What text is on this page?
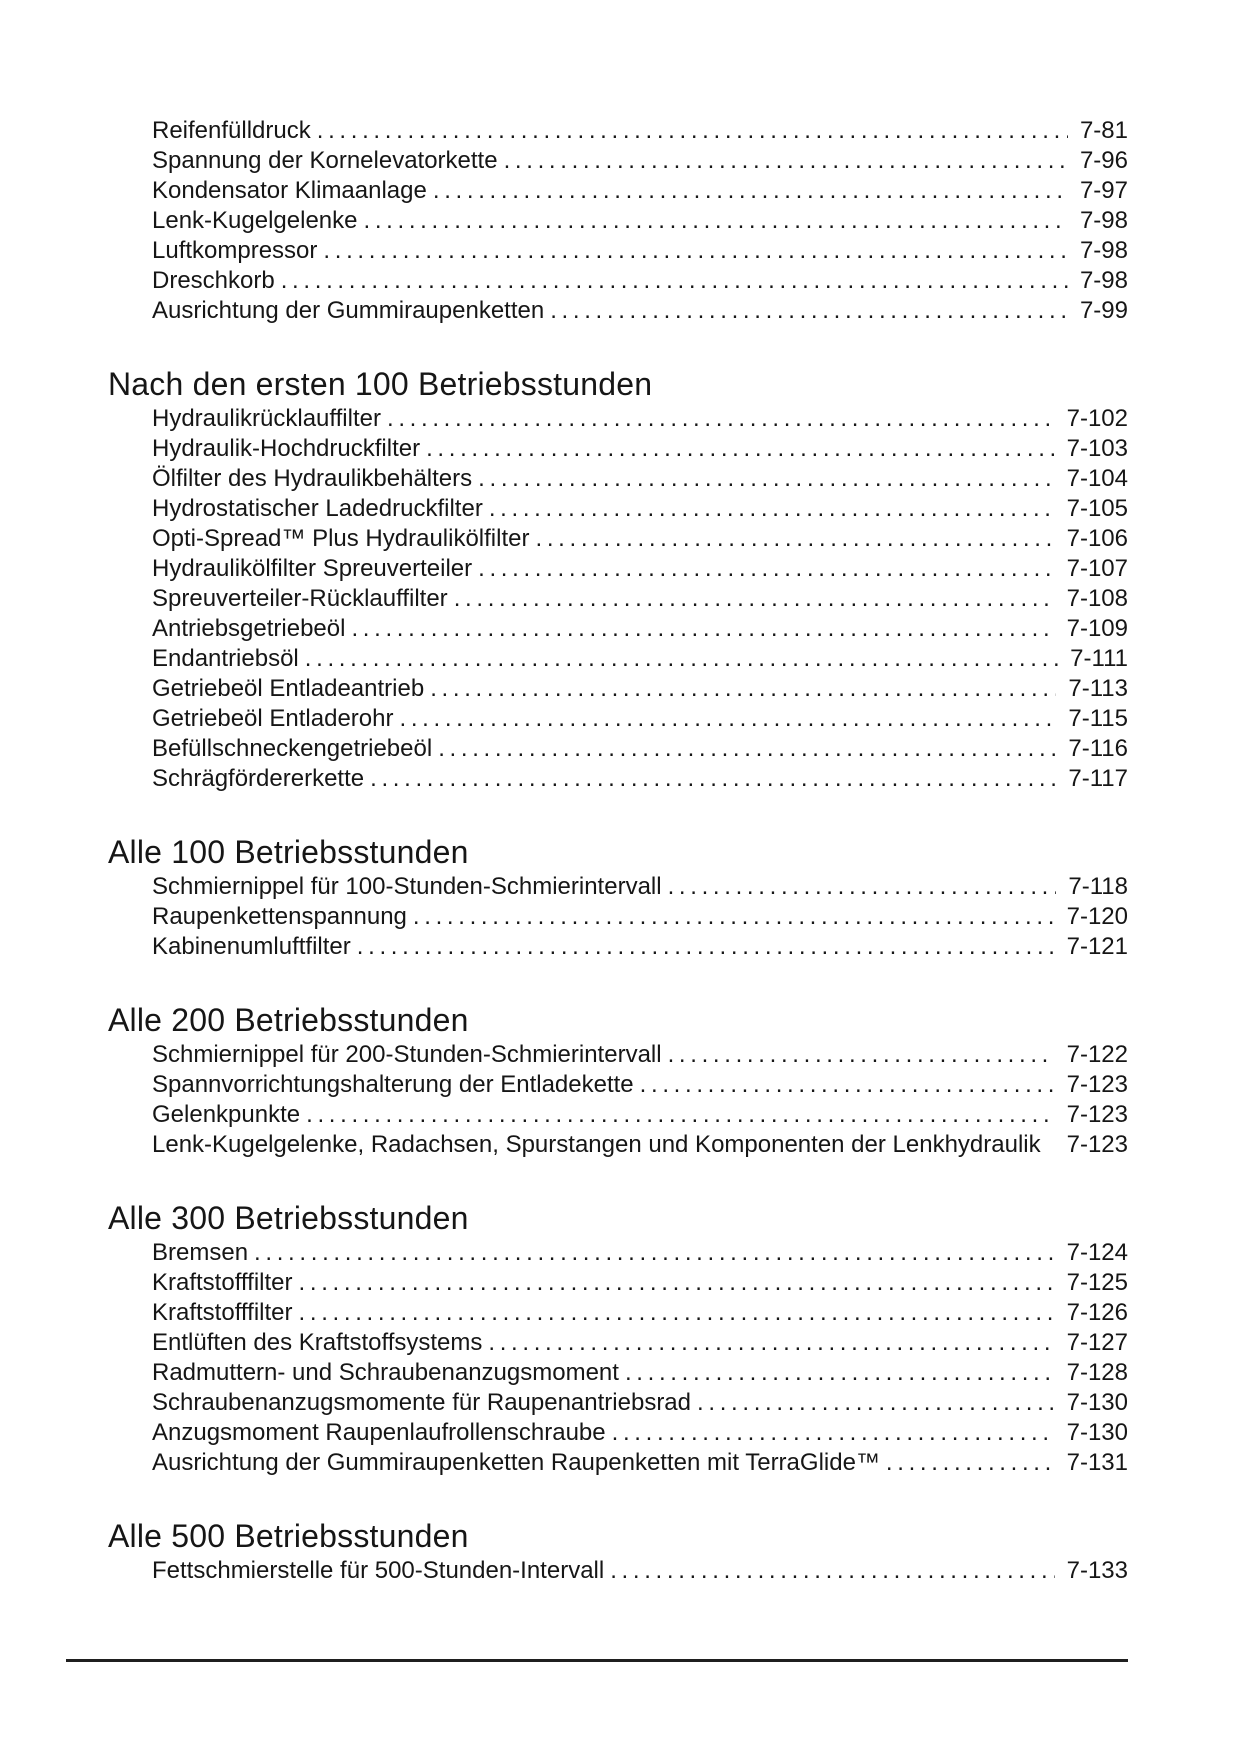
Reifenfülldruck . . .	7-81
Spannung der Kornelevatorkette . . .	7-96
Kondensator Klimaanlage . . .	7-97
Lenk-Kugelgelenke . . .	7-98
Luftkompressor . . .	7-98
Dreschkorb . . .	7-98
Ausrichtung der Gummiraupenketten . . .	7-99
Nach den ersten 100 Betriebsstunden
Hydraulikrücklauffilter . . .	7-102
Hydraulik-Hochdruckfilter . . .	7-103
Ölfilter des Hydraulikbehälters . . .	7-104
Hydrostatischer Ladedruckfilter . . .	7-105
Opti-Spread™ Plus Hydraulikölfilter . . .	7-106
Hydraulikölfilter Spreuverteiler . . .	7-107
Spreuverteiler-Rücklauffilter . . .	7-108
Antriebsgetriebeöl . . .	7-109
Endantriebsöl . . .	7-111
Getriebeöl Entladeantrieb . . .	7-113
Getriebeöl Entladerohr . . .	7-115
Befüllschneckengetriebeöl . . .	7-116
Schrägfördererkette . . .	7-117
Alle 100 Betriebsstunden
Schmiernippel für 100-Stunden-Schmierintervall . . .	7-118
Raupenkettenspannung . . .	7-120
Kabinenumluftfilter . . .	7-121
Alle 200 Betriebsstunden
Schmiernippel für 200-Stunden-Schmierintervall . . .	7-122
Spannvorrichtungshalterung der Entladekette . . .	7-123
Gelenkpunkte . . .	7-123
Lenk-Kugelgelenke, Radachsen, Spurstangen und Komponenten der Lenkhydraulik 7-123
Alle 300 Betriebsstunden
Bremsen . . .	7-124
Kraftstofffilter . . .	7-125
Kraftstofffilter . . .	7-126
Entlüften des Kraftstoffsystems . . .	7-127
Radmuttern- und Schraubenanzugsmoment . . .	7-128
Schraubenanzugsmomente für Raupenantriebsrad . . .	7-130
Anzugsmoment Raupenlaufrollenschraube . . .	7-130
Ausrichtung der Gummiraupenketten Raupenketten mit TerraGlide™ . . .	7-131
Alle 500 Betriebsstunden
Fettschmierstelle für 500-Stunden-Intervall . . .	7-133
